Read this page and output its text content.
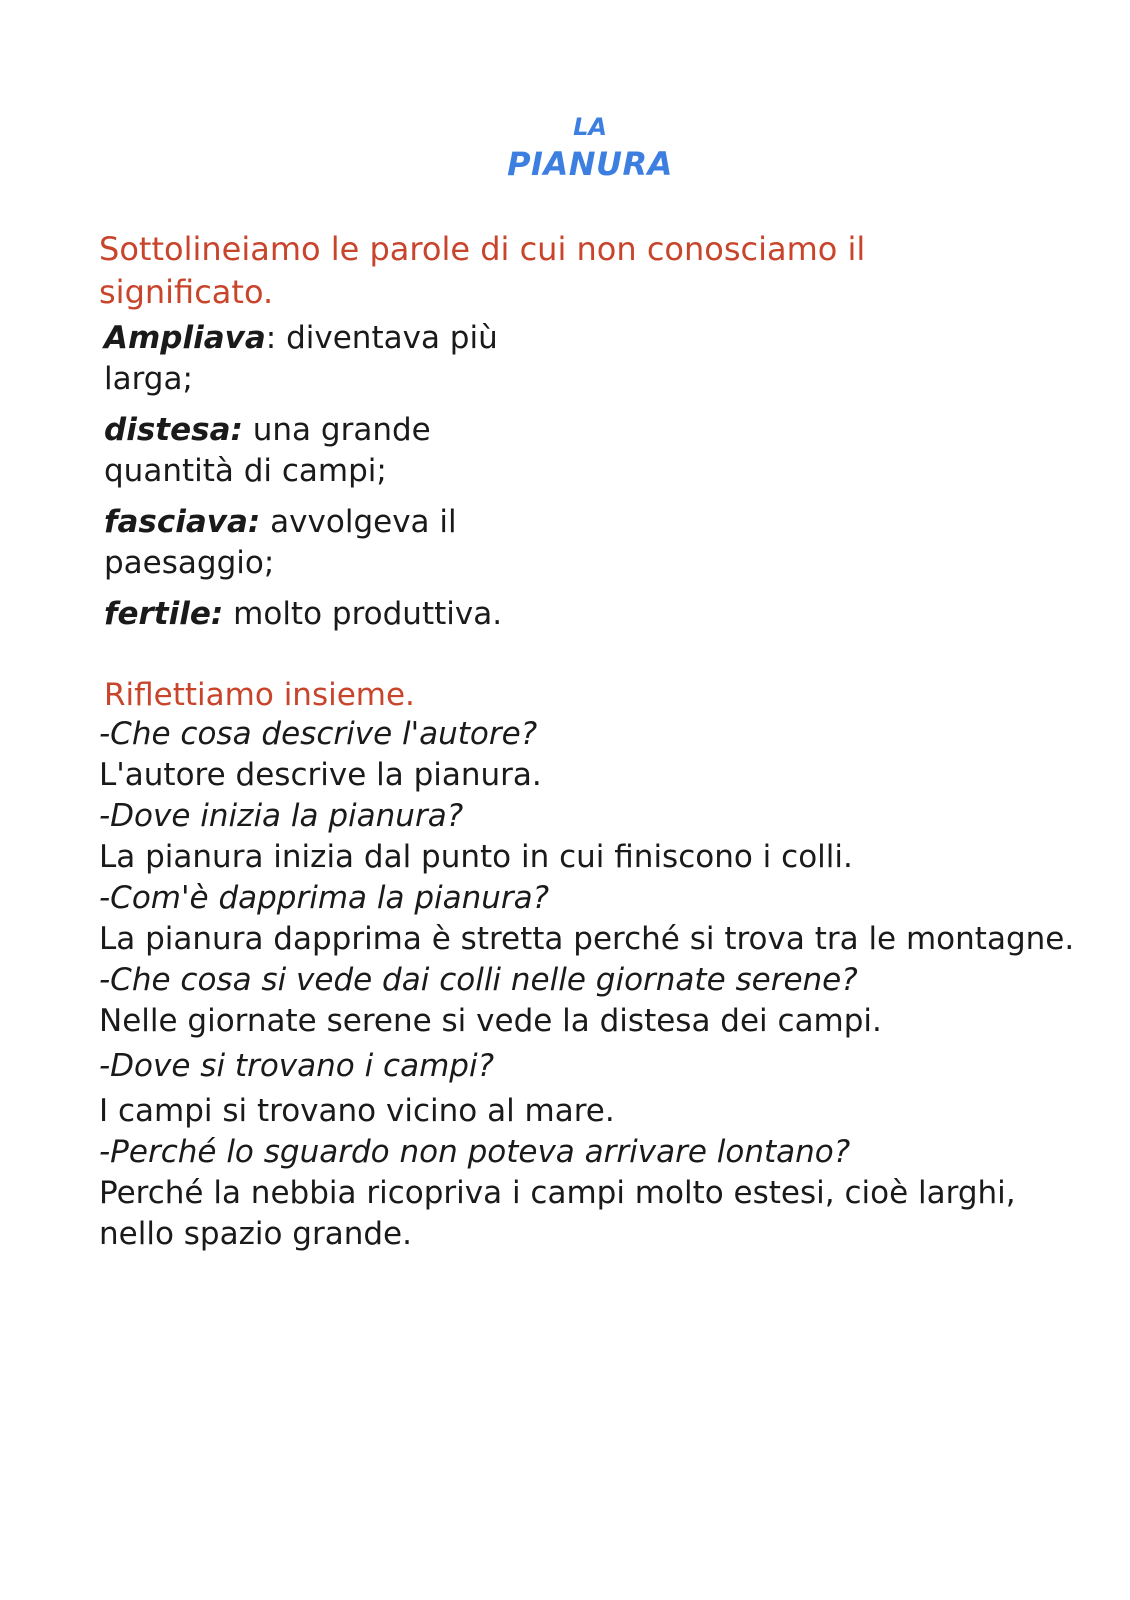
LA
PIANURA
Sottolineiamo le parole di cui non conosciamo il significato.
Ampliava: diventava più larga;
distesa: una grande quantità di campi;
fasciava: avvolgeva il paesaggio;
fertile: molto produttiva.
Riflettiamo insieme.
-Che cosa descrive l'autore?
L'autore descrive la pianura.
-Dove inizia la pianura?
La pianura inizia dal punto in cui finiscono i colli.
-Com'è dapprima la pianura?
La pianura dapprima è stretta perché si trova tra le montagne.
-Che cosa si vede dai colli nelle giornate serene?
Nelle giornate serene si vede la distesa dei campi.
-Dove si trovano i campi?
I campi si trovano vicino al mare.
-Perché lo sguardo non poteva arrivare lontano?
Perché la nebbia ricopriva i campi molto estesi, cioè larghi, nello spazio grande.
